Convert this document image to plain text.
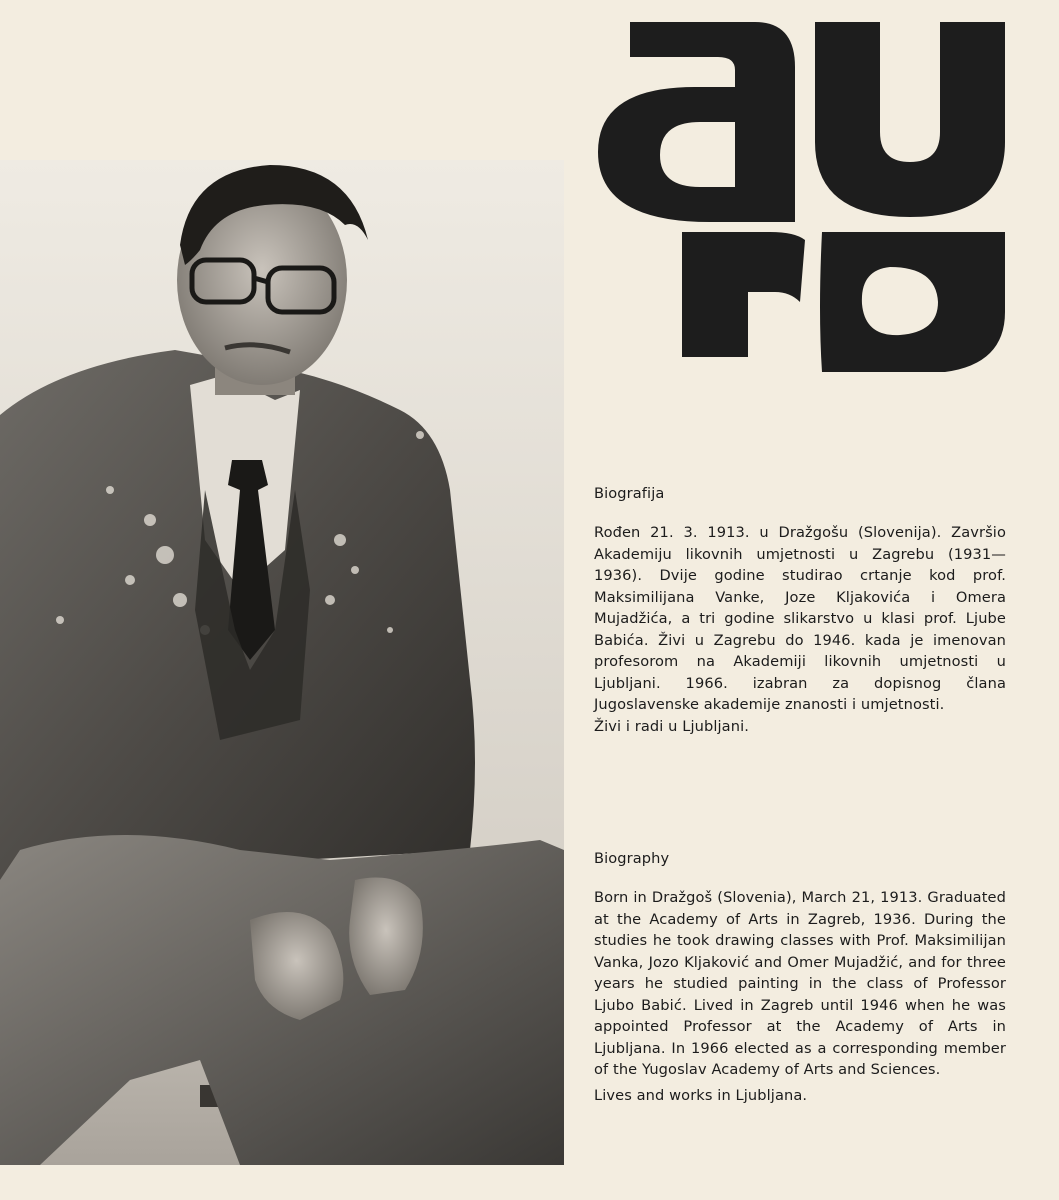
Biografija

Rođen 21. 3. 1913. u Dražgošu (Slovenija). Završio Akademiju likovnih umjetnosti u Zagrebu (1931—1936). Dvije godine studirao crtanje kod prof. Maksimilijana Vanke, Joze Kljakovića i Omera Mujadžića, a tri godine slikarstvo u klasi prof. Ljube Babića. Živi u Zagrebu do 1946. kada je imenovan profesorom na Akademiji likovnih umjetnosti u Ljubljani. 1966. izabran za dopisnog člana Jugoslavenske akademije znanosti i umjetnosti.

Živi i radi u Ljubljani.

Biography

Born in Dražgoš (Slovenia), March 21, 1913. Graduated at the Academy of Arts in Zagreb, 1936. During the studies he took drawing classes with Prof. Maksimilijan Vanka, Jozo Kljaković and Omer Mujadžić, and for three years he studied painting in the class of Professor Ljubo Babić. Lived in Zagreb until 1946 when he was appointed Professor at the Academy of Arts in Ljubljana. In 1966 elected as a corresponding member of the Yugoslav Academy of Arts and Sciences.

Lives and works in Ljubljana.
